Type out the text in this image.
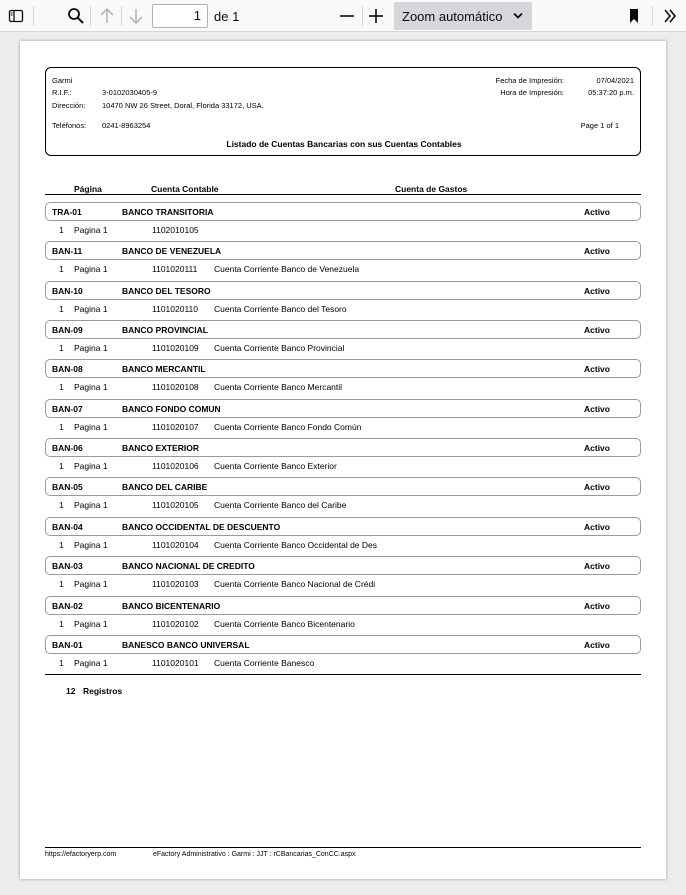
1	de 1	Zoom automático
Garmi
R.I.F.:	3-0102030405-9
Dirección: 10470 NW 26 Street, Doral, Florida 33172, USA.
Teléfonos: 0241-8963254
Fecha de Impresión:	07/04/2021
Hora de Impresión:	05:37:20 p.m.
Page 1 of 1
Listado de Cuentas Bancarias con sus Cuentas Contables
Página	Cuenta Contable	Cuenta de Gastos
TRA-01	BANCO TRANSITORIA	Activo
1 Pagina 1	1102010105
BAN-11	BANCO DE VENEZUELA	Activo
1 Pagina 1	1101020111 Cuenta Corriente Banco de Venezuela
BAN-10	BANCO DEL TESORO	Activo
1 Pagina 1	1101020110 Cuenta Corriente Banco del Tesoro
BAN-09	BANCO PROVINCIAL	Activo
1 Pagina 1	1101020109 Cuenta Corriente Banco Provincial
BAN-08	BANCO MERCANTIL	Activo
1 Pagina 1	1101020108 Cuenta Corriente Banco Mercantil
BAN-07	BANCO FONDO COMUN	Activo
1 Pagina 1	1101020107 Cuenta Corriente Banco Fondo Común
BAN-06	BANCO EXTERIOR	Activo
1 Pagina 1	1101020106 Cuenta Corriente Banco Exterior
BAN-05	BANCO DEL CARIBE	Activo
1 Pagina 1	1101020105 Cuenta Corriente Banco del Caribe
BAN-04	BANCO OCCIDENTAL DE DESCUENTO	Activo
1 Pagina 1	1101020104 Cuenta Corriente Banco Occidental de Des
BAN-03	BANCO NACIONAL DE CREDITO	Activo
1 Pagina 1	1101020103 Cuenta Corriente Banco Nacional de Crédi
BAN-02	BANCO BICENTENARIO	Activo
1 Pagina 1	1101020102 Cuenta Corriente Banco Bicentenario
BAN-01	BANESCO BANCO UNIVERSAL	Activo
1 Pagina 1	1101020101 Cuenta Corriente Banesco
12 Registros
https://efactoryerp.com	eFactory Administrativo : Garmi : JJT : rCBancarias_ConCC.aspx
